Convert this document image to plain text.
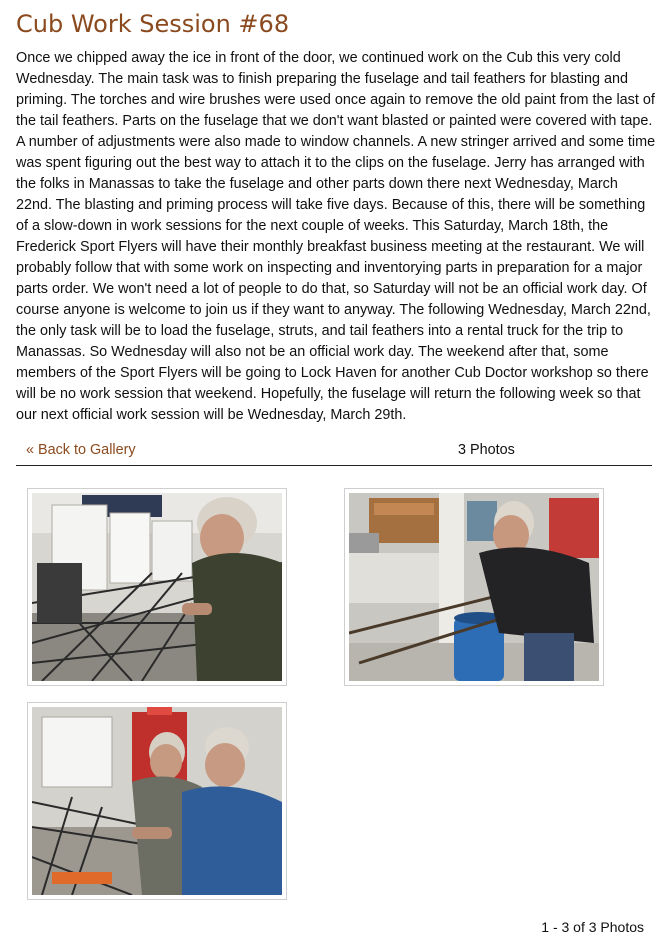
Cub Work Session #68

Once we chipped away the ice in front of the door, we continued work on the Cub this very cold Wednesday. The main task was to finish preparing the fuselage and tail feathers for blasting and priming. The torches and wire brushes were used once again to remove the old paint from the last of the tail feathers. Parts on the fuselage that we don't want blasted or painted were covered with tape. A number of adjustments were also made to window channels. A new stringer arrived and some time was spent figuring out the best way to attach it to the clips on the fuselage. Jerry has arranged with the folks in Manassas to take the fuselage and other parts down there next Wednesday, March 22nd. The blasting and priming process will take five days. Because of this, there will be something of a slow-down in work sessions for the next couple of weeks. This Saturday, March 18th, the Frederick Sport Flyers will have their monthly breakfast business meeting at the restaurant. We will probably follow that with some work on inspecting and inventorying parts in preparation for a major parts order. We won't need a lot of people to do that, so Saturday will not be an official work day. Of course anyone is welcome to join us if they want to anyway. The following Wednesday, March 22nd, the only task will be to load the fuselage, struts, and tail feathers into a rental truck for the trip to Manassas. So Wednesday will also not be an official work day. The weekend after that, some members of the Sport Flyers will be going to Lock Haven for another Cub Doctor workshop so there will be no work session that weekend. Hopefully, the fuselage will return the following week so that our next official work session will be Wednesday, March 29th.

« Back to Gallery	3 Photos
1 - 3 of 3 Photos
